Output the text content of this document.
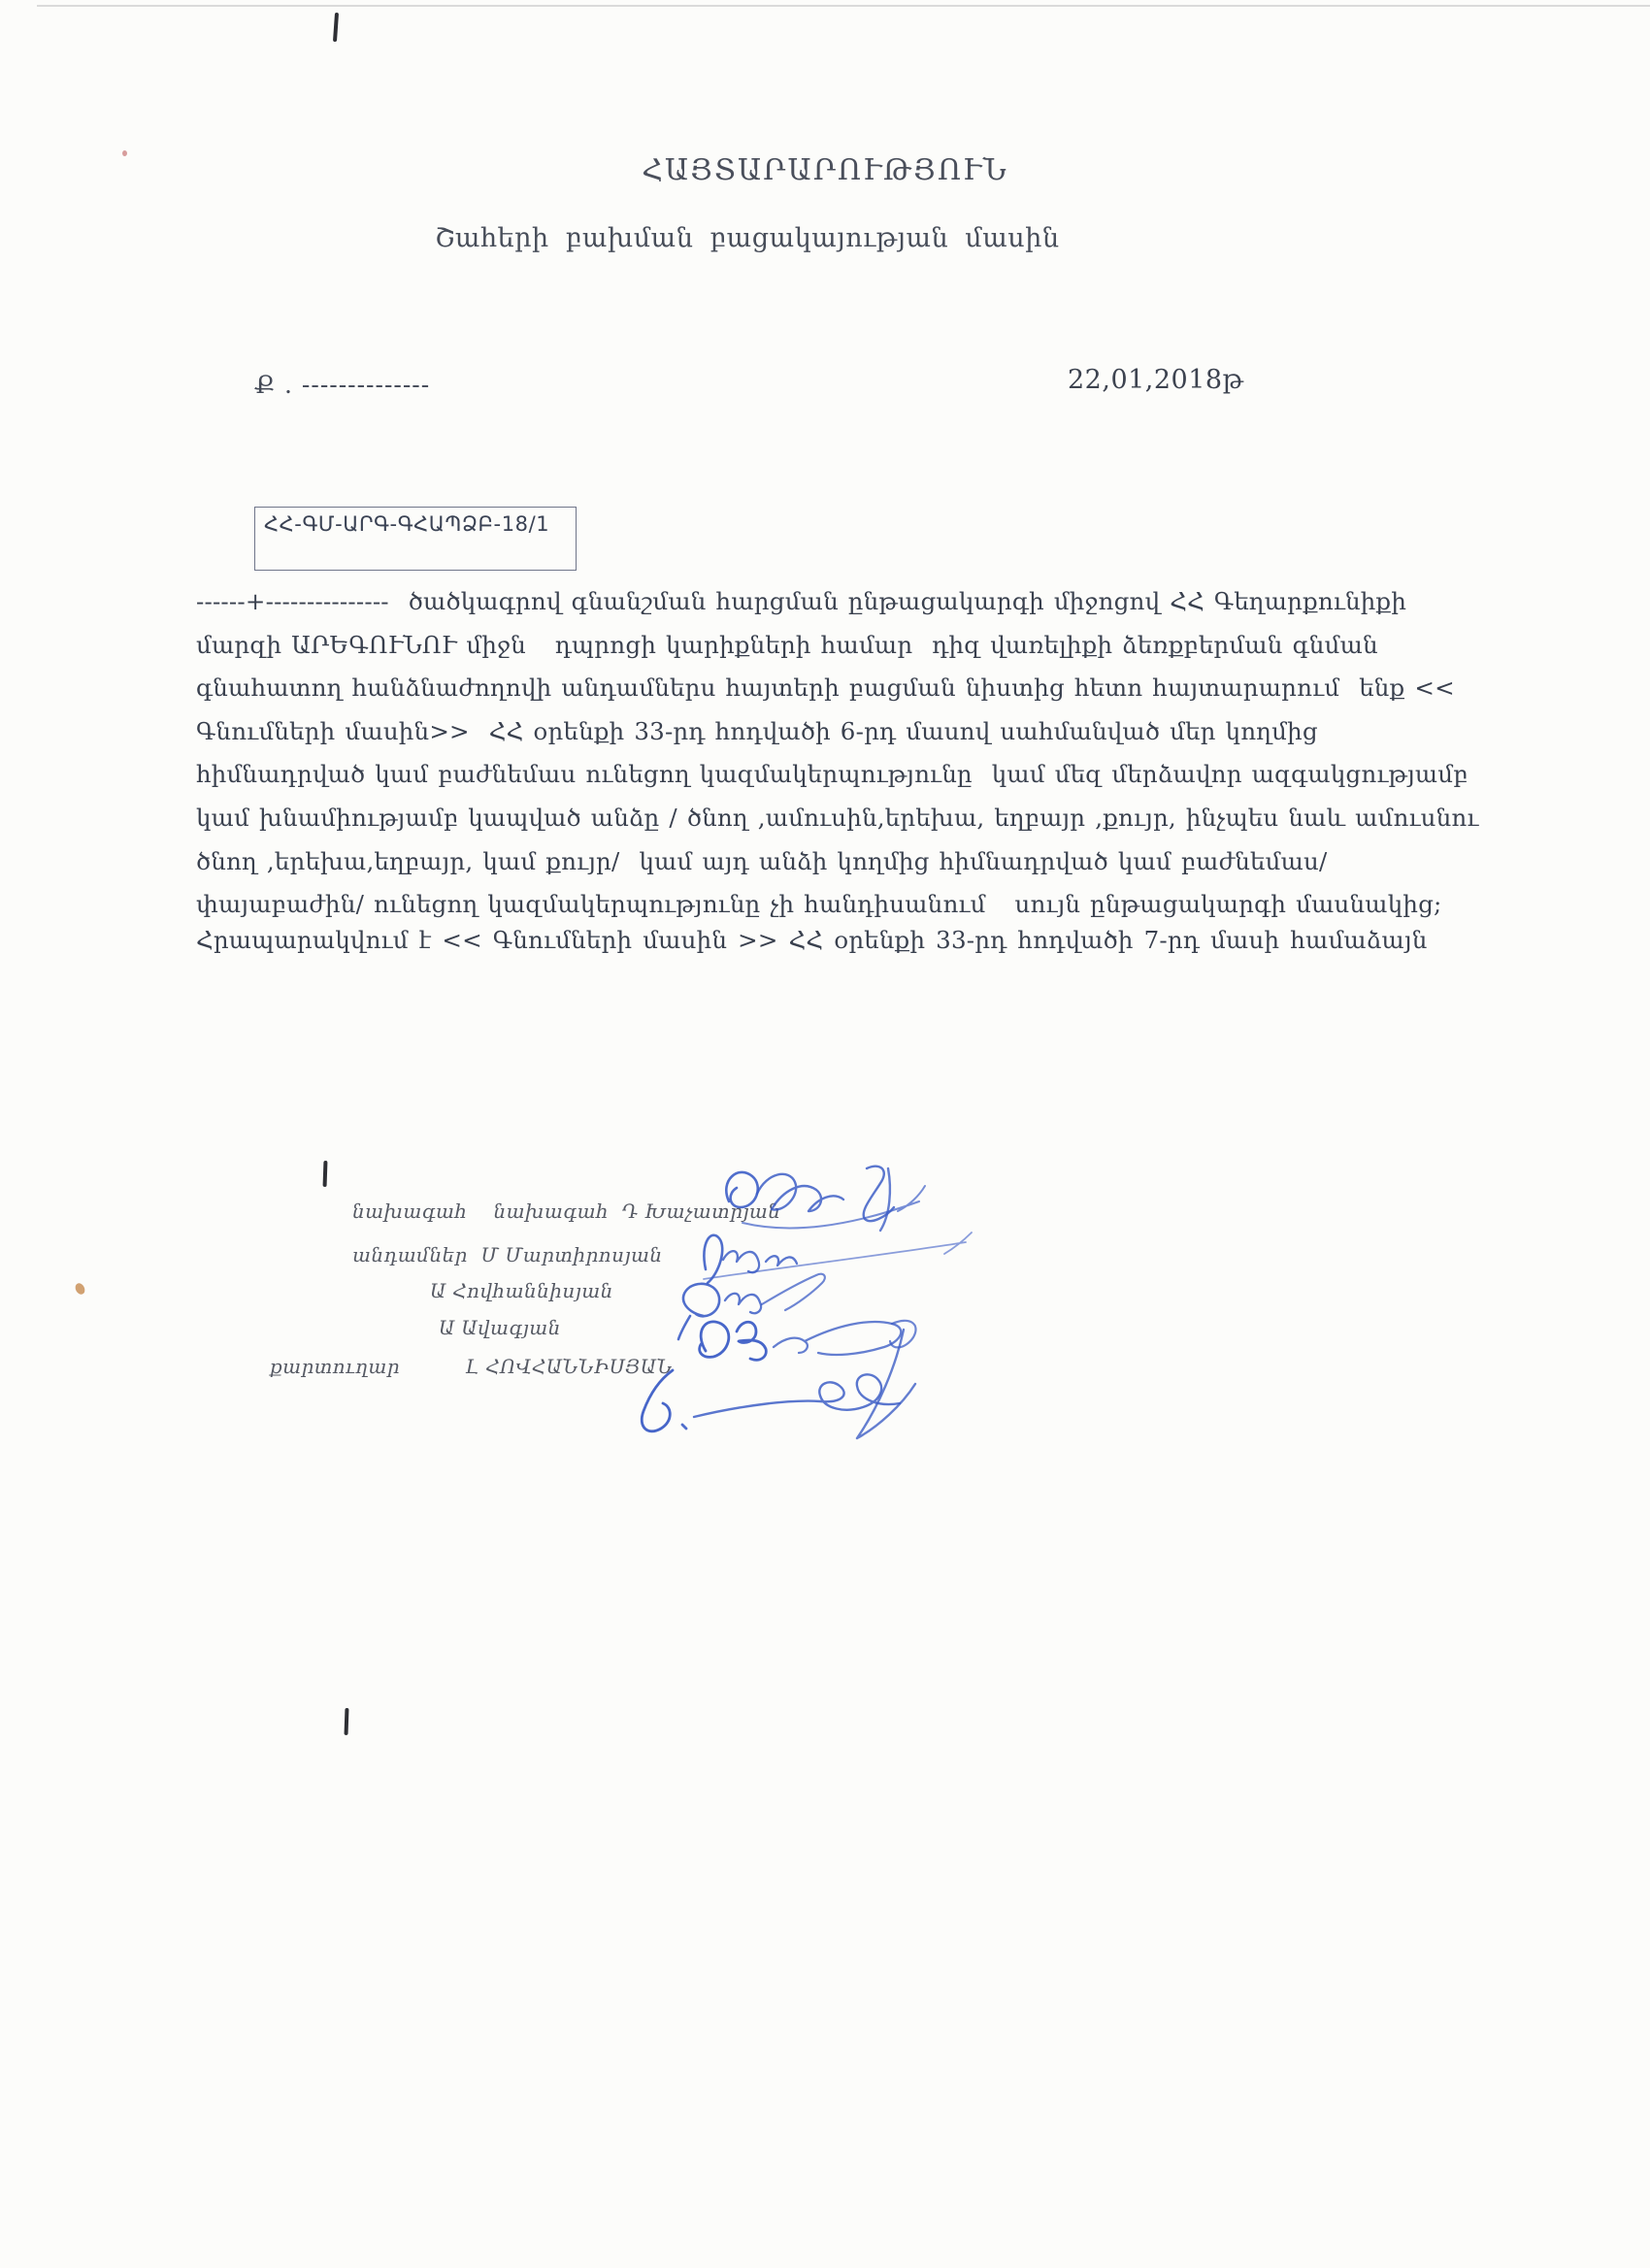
ՀԱՅՏԱՐԱՐՈՒԹՅՈՒՆ
Շահերի բախման բացակայության մասին
Ք . --------------	22,01,2018թ
ՀՀ-ԳՄ-ԱՐԳ-ԳՀԱՊՁԲ-18/1
------+---------------  ծածկագրով գնանշման հարցման ընթացակարգի միջոցով ՀՀ Գեղարքունիքի
մարզի ԱՐԵԳՈՒՆՈՒ միջն   դպրոցի կարիքների համար  դիզ վառելիքի ձեռքբերման գնման
գնահատող հանձնաժողովի անդամներս հայտերի բացման նիստից հետո հայտարարում  ենք <<
Գնումների մասին>>  ՀՀ օրենքի 33-րդ հոդվածի 6-րդ մասով սահմանված մեր կողմից
հիմնադրված կամ բաժնեմաս ունեցող կազմակերպությունը  կամ մեզ մերձավոր ազգակցությամբ
կամ խնամիությամբ կապված անձը / ծնող ,ամուսին,երեխա, եղբայր ,քույր, ինչպես նաև ամուսնու
ծնող ,երեխա,եղբայր, կամ քույր/  կամ այդ անձի կողմից հիմնադրված կամ բաժնեմաս/
փայաբաժին/ ունեցող կազմակերպությունը չի հանդիսանում   սույն ընթացակարգի մասնակից;
Հրապարակվում է << Գնումների մասին >> ՀՀ օրենքի 33-րդ հոդվածի 7-րդ մասի համաձայն
նախագահ    նախագահ  Դ Խաչատրյան
անդամներ  Մ Մարտիրոսյան
Ա Հովհաննիսյան
Ա Ավագյան
քարտուղար          Լ ՀՈՎՀԱՆՆԻՍՅԱՆ
